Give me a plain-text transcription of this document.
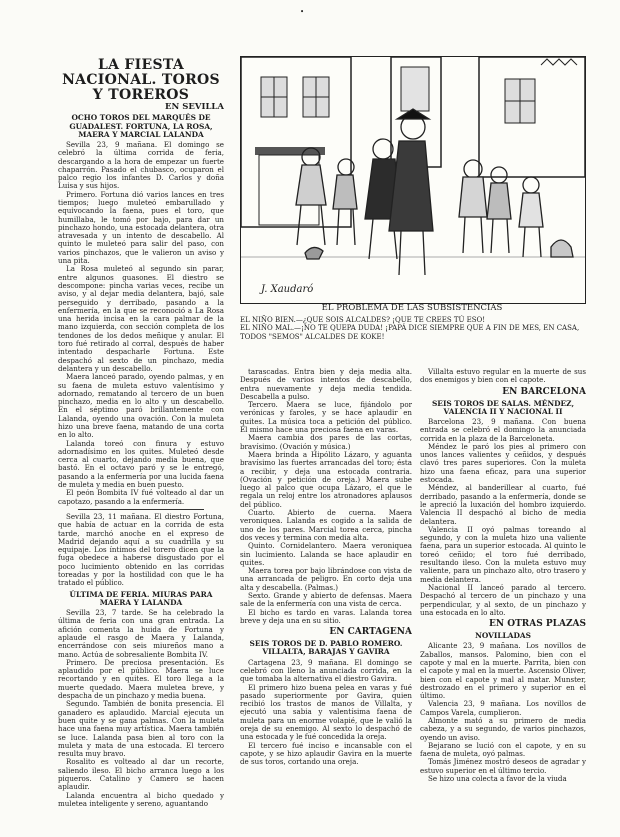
•

LA FIESTA NACIONAL. TOROS Y TOREROS

EN SEVILLA

OCHO TOROS DEL MARQUÉS DE GUADALEST. FORTUNA, LA ROSA, MAERA Y MARCIAL LALANDA

Sevilla 23, 9 mañana. El domingo se celebró la última corrida de feria, descargando a la hora de empezar un fuerte chaparrón. Pasado el chubasco, ocuparon el palco regio los infantes D. Carlos y doña Luisa y sus hijos.

Primero. Fortuna dió varios lances en tres tiempos; luego muleteó embarullado y equivocando la faena, pues el toro, que humillaba, le tomó por bajo, para dar un pinchazo hondo, una estocada delantera, otra atravesada y un intento de descabello. Al quinto le muleteó para salir del paso, con varios pinchazos, que le valieron un aviso y una pita.

La Rosa muleteó al segundo sin parar, entre algunos guasones. El diestro se descompone: pincha varias veces, recibe un aviso, y al dejar media delantera, bajó, sale perseguido y derribado, pasando a la enfermería, en la que se reconoció a La Rosa una herida incisa en la cara palmar de la mano izquierda, con sección completa de los tendones de los dedos meñique y anular. El toro fué retirado al corral, después de haber intentado despacharle Fortuna. Este despachó al sexto de un pinchazo, media delantera y un descabello.

Maera lanceó parado, oyendo palmas, y en su faena de muleta estuvo valentísimo y adornado, rematando al tercero de un buen pinchazo, media en lo alto y un descabello. En el séptimo paró brillantemente con Lalanda, oyendo una ovación. Con la muleta hizo una breve faena, matando de una corta en lo alto.

Lalanda toreó con finura y estuvo adornadísimo en los quites. Muleteó desde cerca al cuarto, dejando media buena, que bastó. En el octavo paró y se le entregó, pasando a la enfermería por una lucida faena de muleta y media en buen puesto.

El peón Bombita IV fué volteado al dar un capotazo, pasando a la enfermería.

Sevilla 23, 11 mañana. El diestro Fortuna, que había de actuar en la corrida de esta tarde, marchó anoche en el expreso de Madrid dejando aquí a su cuadrilla y su equipaje. Los íntimos del torero dicen que la fuga obedece a haberse disgustado por el poco lucimiento obtenido en las corridas toreadas y por la hostilidad con que le ha tratado el público.

ÚLTIMA DE FERIA. MIURAS PARA MAERA Y LALANDA

Sevilla 23, 7 tarde. Se ha celebrado la última de feria con una gran entrada. La afición comenta la huida de Fortuna y aplaude el rasgo de Maera y Lalanda, encerrándose con seis miureños mano a mano. Actúa de sobresaliente Bombita IV.

Primero. De preciosa presentación. Es aplaudido por el público. Maera se luce recortando y en quites. El toro llega a la muerte quedado. Maera muletea breve, y despacha de un pinchazo y media buena.

Segundo. También de bonita presencia. El ganadero es aplaudido. Marcial ejecuta un buen quite y se gana palmas. Con la muleta hace una faena muy artística. Maera también se luce. Lalanda pasa bien al toro con la muleta y mata de una estocada. El tercero resulta muy bravo.

Rosalito es volteado al dar un recorte, saliendo ileso. El bicho arranca luego a los piqueros. Catalino y Camero se hacen aplaudir.

Lalanda encuentra al bicho quedado y muletea inteligente y sereno, aguantando

J. Xaudaró
EL PROBLEMA DE LAS SUBSISTENCIAS
EL NIÑO BIEN.—¿QUE SOIS ALCALDES? ¡QUE TE CREES TÚ ESO!
EL NIÑO MAL.—¡NO TE QUEPA DUDA! ¡PAPÁ DICE SIEMPRE QUE A FIN DE MES, EN CASA, TODOS "SEMOS" ALCALDES DE KOKE!

tarascadas. Entra bien y deja media alta. Después de varios intentos de descabello, entra nuevamente y deja media tendida. Descabella a pulso.

Tercero. Maera se luce, fijándolo por verónicas y faroles, y se hace aplaudir en quites. La música toca a petición del público. El mismo hace una preciosa faena en varas.

Maera cambia dos pares de las cortas, bravísimo. (Ovación y música.)

Maera brinda a Hipólito Lázaro, y aguanta bravísimo las fuertes arrancadas del toro; ésta a recibir, y deja una estocada contraria. (Ovación y petición de oreja.) Maera sube luego al palco que ocupa Lázaro, el que le regala un reloj entre los atronadores aplausos del público.

Cuarto. Abierto de cuerna. Maera veroniquea. Lalanda es cogido a la salida de uno de los pares. Marcial torea cerca, pincha dos veces y termina con media alta.

Quinto. Cornidelantero. Maera veroniquea sin lucimiento. Lalanda se hace aplaudir en quites.

Maera torea por bajo librándose con vista de una arrancada de peligro. En corto deja una alta y descabella. (Palmas.)

Sexto. Grande y abierto de defensas. Maera sale de la enfermería con una vista de cerca.

El bicho es tardo en varas. Lalanda torea breve y deja una en su sitio.

EN CARTAGENA

SEIS TOROS DE D. PABLO ROMERO. VILLALTA, BARAJAS Y GAVIRA

Cartagena 23, 9 mañana. El domingo se celebró con lleno la anunciada corrida, en la que tomaba la alternativa el diestro Gavira.

El primero hizo buena pelea en varas y fué pasado superiormente por Gavira, quien recibió los trastos de manos de Villalta, y ejecutó una sabia y valentísima faena de muleta para un enorme volapié, que le valió la oreja de su enemigo. Al sexto lo despachó de una estocada y le fué concedida la oreja.

El tercero fué inciso e incansable con el capote, y se hizo aplaudir Gavira en la muerte de sus toros, cortando una oreja.

Villalta estuvo regular en la muerte de sus dos enemigos y bien con el capote.

EN BARCELONA

SEIS TOROS DE SALAS. MÉNDEZ, VALENCIA II Y NACIONAL II

Barcelona 23, 9 mañana. Con buena entrada se celebró el domingo la anunciada corrida en la plaza de la Barceloneta.

Méndez le paró los pies al primero con unos lances valientes y ceñidos, y después clavó tres pares superiores. Con la muleta hizo una faena eficaz, para una superior estocada.

Méndez, al banderillear al cuarto, fué derribado, pasando a la enfermería, donde se le apreció la luxación del hombro izquierdo. Valencia II despachó al bicho de media delantera.

Valencia II oyó palmas toreando al segundo, y con la muleta hizo una valiente faena, para un superior estocada. Al quinto le toreó ceñido; el toro fué derribado, resultando ileso. Con la muleta estuvo muy valiente, para un pinchazo alto, otro trasero y media delantera.

Nacional II lanceó parado al tercero. Despachó al tercero de un pinchazo y una perpendicular, y al sexto, de un pinchazo y una estocada en lo alto.

EN OTRAS PLAZAS

NOVILLADAS

Alicante 23, 9 mañana. Los novillos de Zaballos, mansos. Palomino, bien con el capote y mal en la muerte. Parrita, bien con el capote y mal en la muerte. Ascensio Oliver, bien con el capote y mal al matar. Munster, destrozado en el primero y superior en el último.

Valencia 23, 9 mañana. Los novillos de Campos Varela, cumplieron.

Almonte mató a su primero de media cabeza, y a su segundo, de varios pinchazos, oyendo un aviso.

Bejarano se lució con el capote, y en su faena de muleta, oyó palmas.

Tomás Jiménez mostró deseos de agradar y estuvo superior en el último tercio.

Se hizo una colecta a favor de la viuda
